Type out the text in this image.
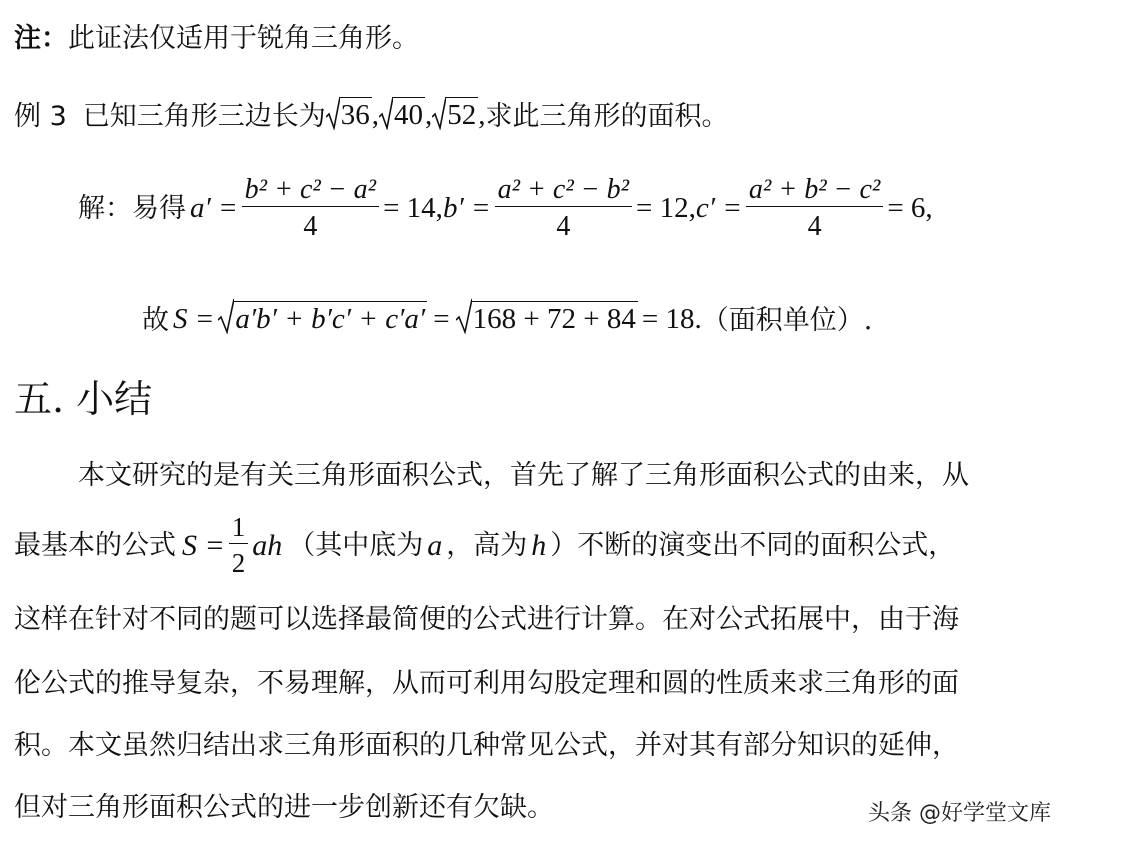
注：此证法仅适用于锐角三角形。
例 3 已知三角形三边长为 36 , 40 , 52 , 求此三角形的面积。
解： 易得 $a' = \frac{\text{b² + c² − a²}}{4} = 14$, $b' = \frac{\text{a² + c² − b²}}{4} = 12$, $c' = \frac{\text{a² + b² − c²}}{4} = 6$,
故 S = a′b′ + b′c′ + c′a′ = 168 + 72 + 84 = 18. （面积单位）.
五. 小结
本文研究的是有关三角形面积公式，首先了解了三角形面积公式的由来，从
最基本的公式 $S = \frac{1}{2}$ ah （其中底为 a ，高为 h ）不断的演变出不同的面积公式，
这样在针对不同的题可以选择最简便的公式进行计算。在对公式拓展中，由于海
伦公式的推导复杂，不易理解，从而可利用勾股定理和圆的性质来求三角形的面
积。本文虽然归结出求三角形面积的几种常见公式，并对其有部分知识的延伸，
但对三角形面积公式的进一步创新还有欠缺。	头条 @好学堂文库
